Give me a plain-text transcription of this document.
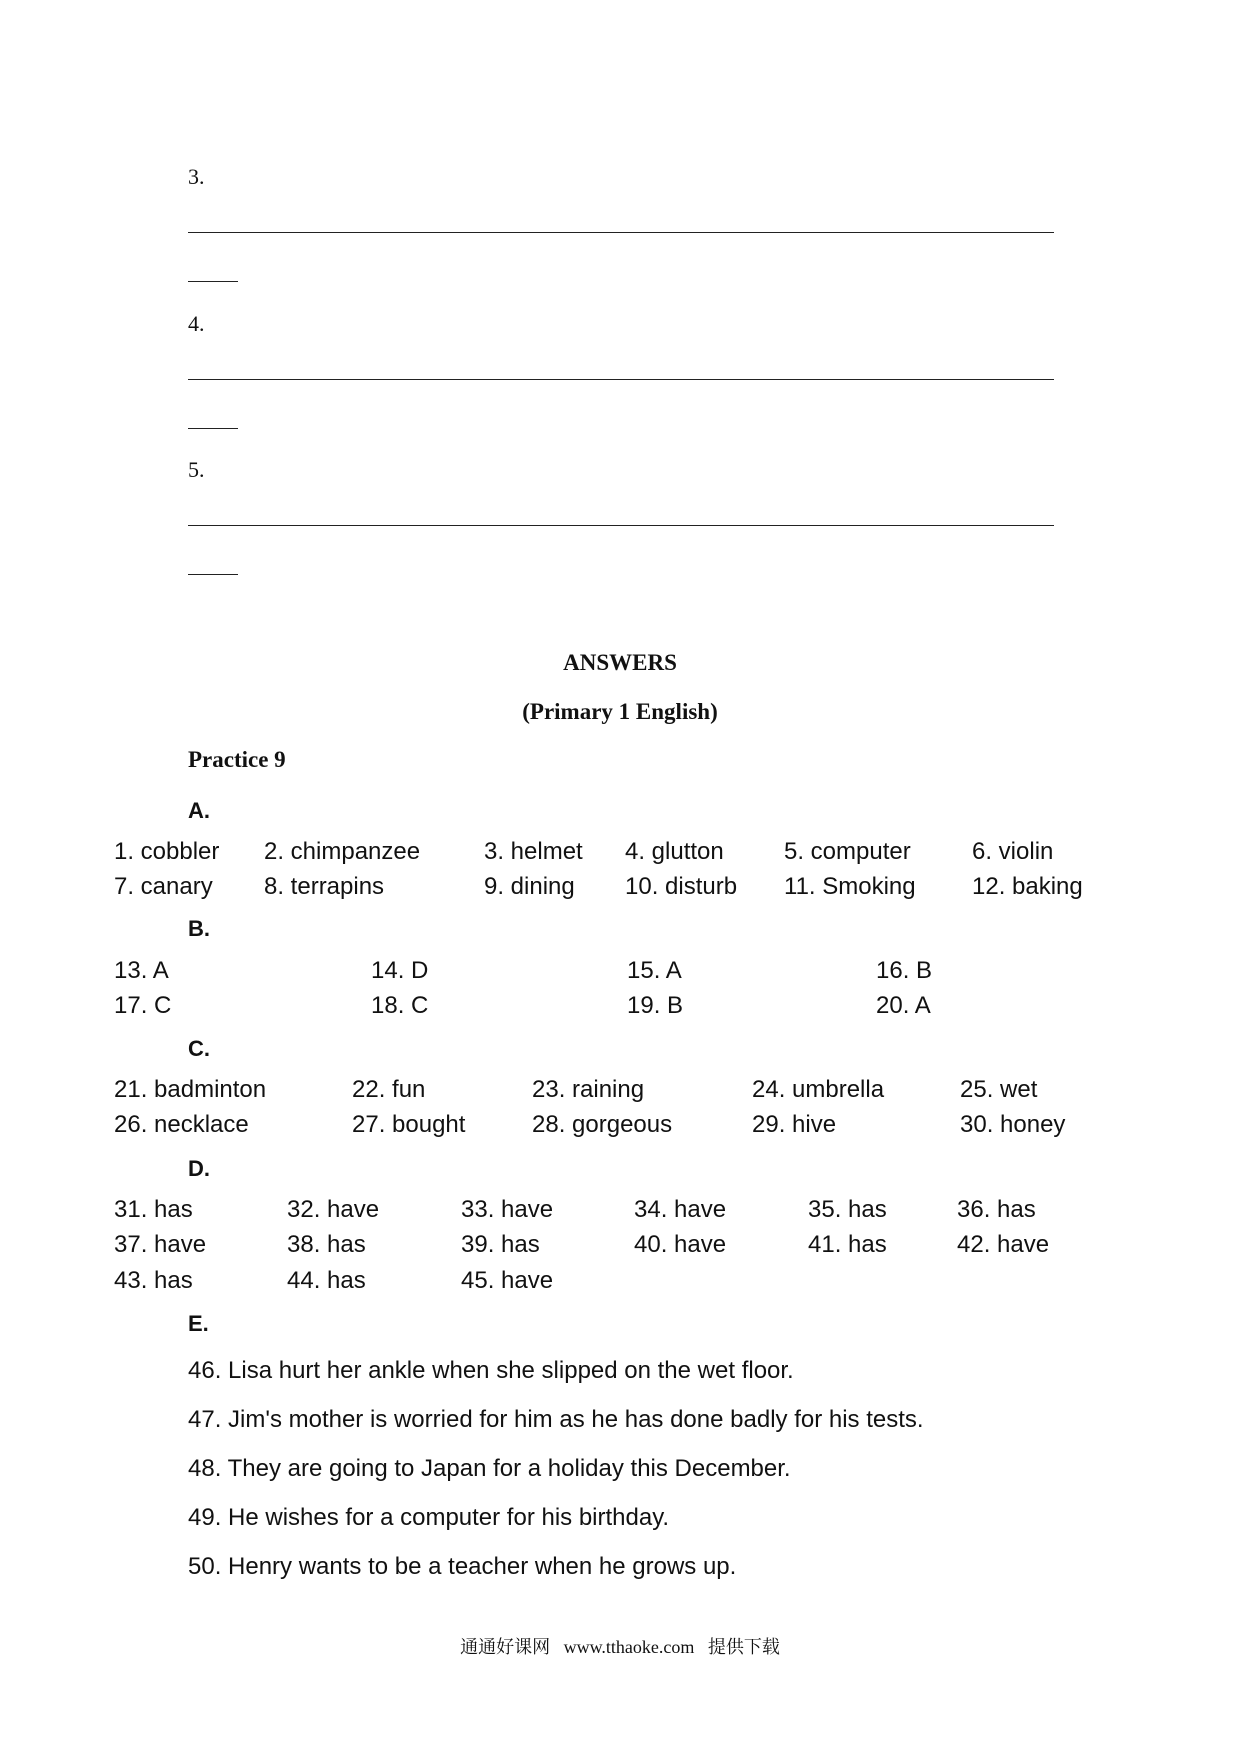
3.
4.
5.
ANSWERS
(Primary 1 English)
Practice 9
A.
1. cobbler 2. chimpanzee	3. helmet 4. glutton	5. computer	6. violin
7. canary 8. terrapins	9. dining 10. disturb 11. Smoking 12. baking
B.
13. A	14. D	15. A	16. B
17. C	18. C	19. B	20. A
C.
21. badminton	22. fun	23. raining	24. umbrella	25. wet
26. necklace	27. bought	28. gorgeous	29. hive	30. honey
D.
31. has	32. have	33. have	34. have	35. has	36. has
37. have	38. has	39. has	40. have	41. has	42. have
43. has	44. has	45. have
E.
46. Lisa hurt her ankle when she slipped on the wet floor.
47. Jim's mother is worried for him as he has done badly for his tests.
48. They are going to Japan for a holiday this December.
49. He wishes for a computer for his birthday.
50. Henry wants to be a teacher when he grows up.
通通好课网   www.tthaoke.com   提供下载
